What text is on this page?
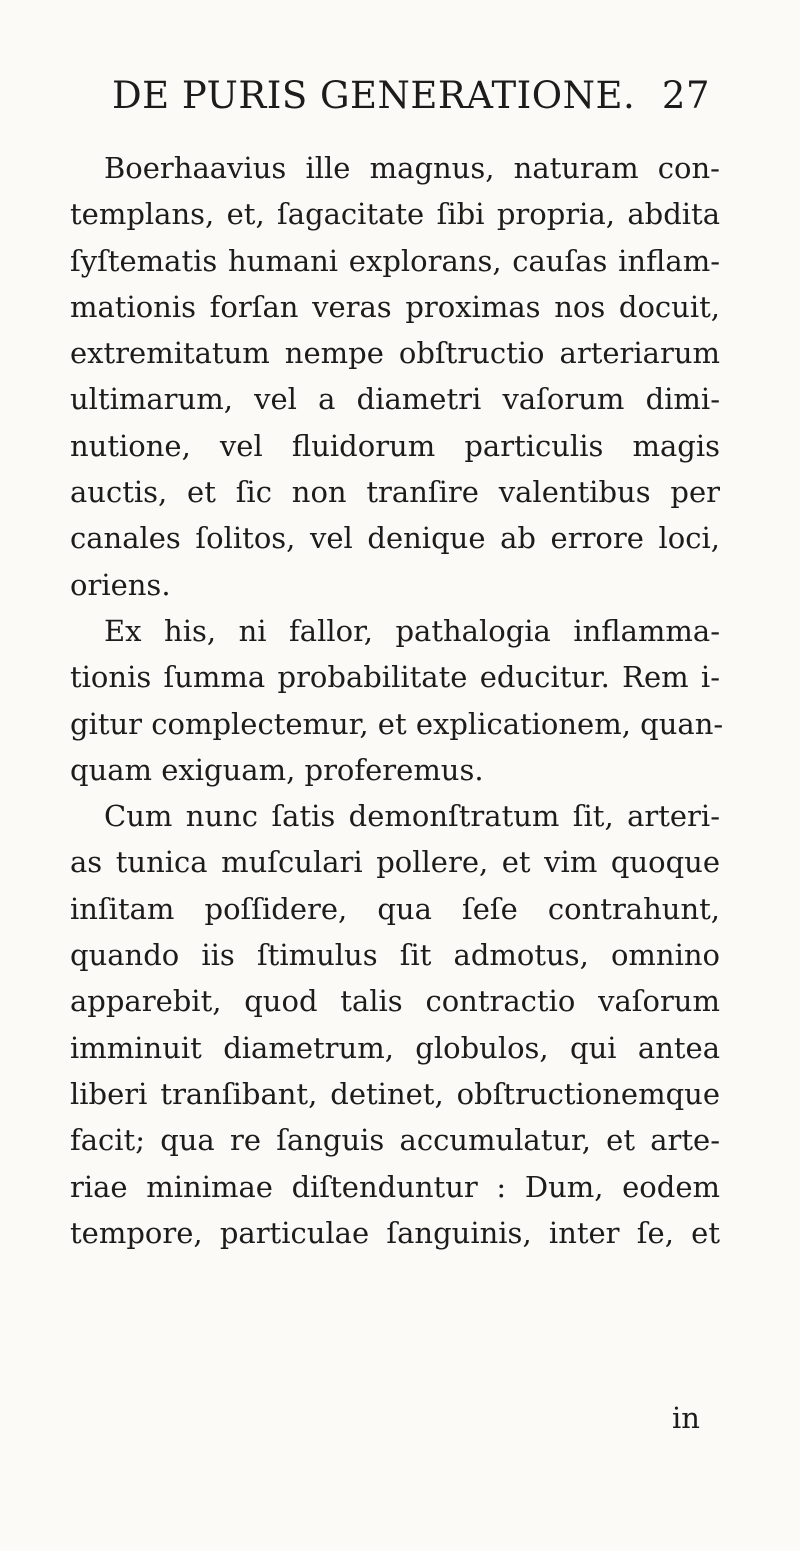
DE PURIS GENERATIONE. 27

Boerhaavius ille magnus, naturam con-
templans, et, ſagacitate ſibi propria, abdita
ſyſtematis humani explorans, cauſas inflam-
mationis forſan veras proximas nos docuit,
extremitatum nempe obſtructio arteriarum
ultimarum, vel a diametri vaſorum dimi-
nutione, vel fluidorum particulis magis
auctis, et ſic non tranſire valentibus per
canales ſolitos, vel denique ab errore loci,
oriens.

Ex his, ni fallor, pathalogia inflamma-
tionis ſumma probabilitate educitur. Rem i-
gitur complectemur, et explicationem, quan-
quam exiguam, proferemus.

Cum nunc ſatis demonſtratum ſit, arteri-
as tunica muſculari pollere, et vim quoque
inſitam poſſidere, qua ſeſe contrahunt,
quando iis ſtimulus ſit admotus, omnino
apparebit, quod talis contractio vaſorum
imminuit diametrum, globulos, qui antea
liberi tranſibant, detinet, obſtructionemque
facit; qua re ſanguis accumulatur, et arte-
riae minimae diſtenduntur : Dum, eodem
tempore, particulae ſanguinis, inter ſe, et

in
